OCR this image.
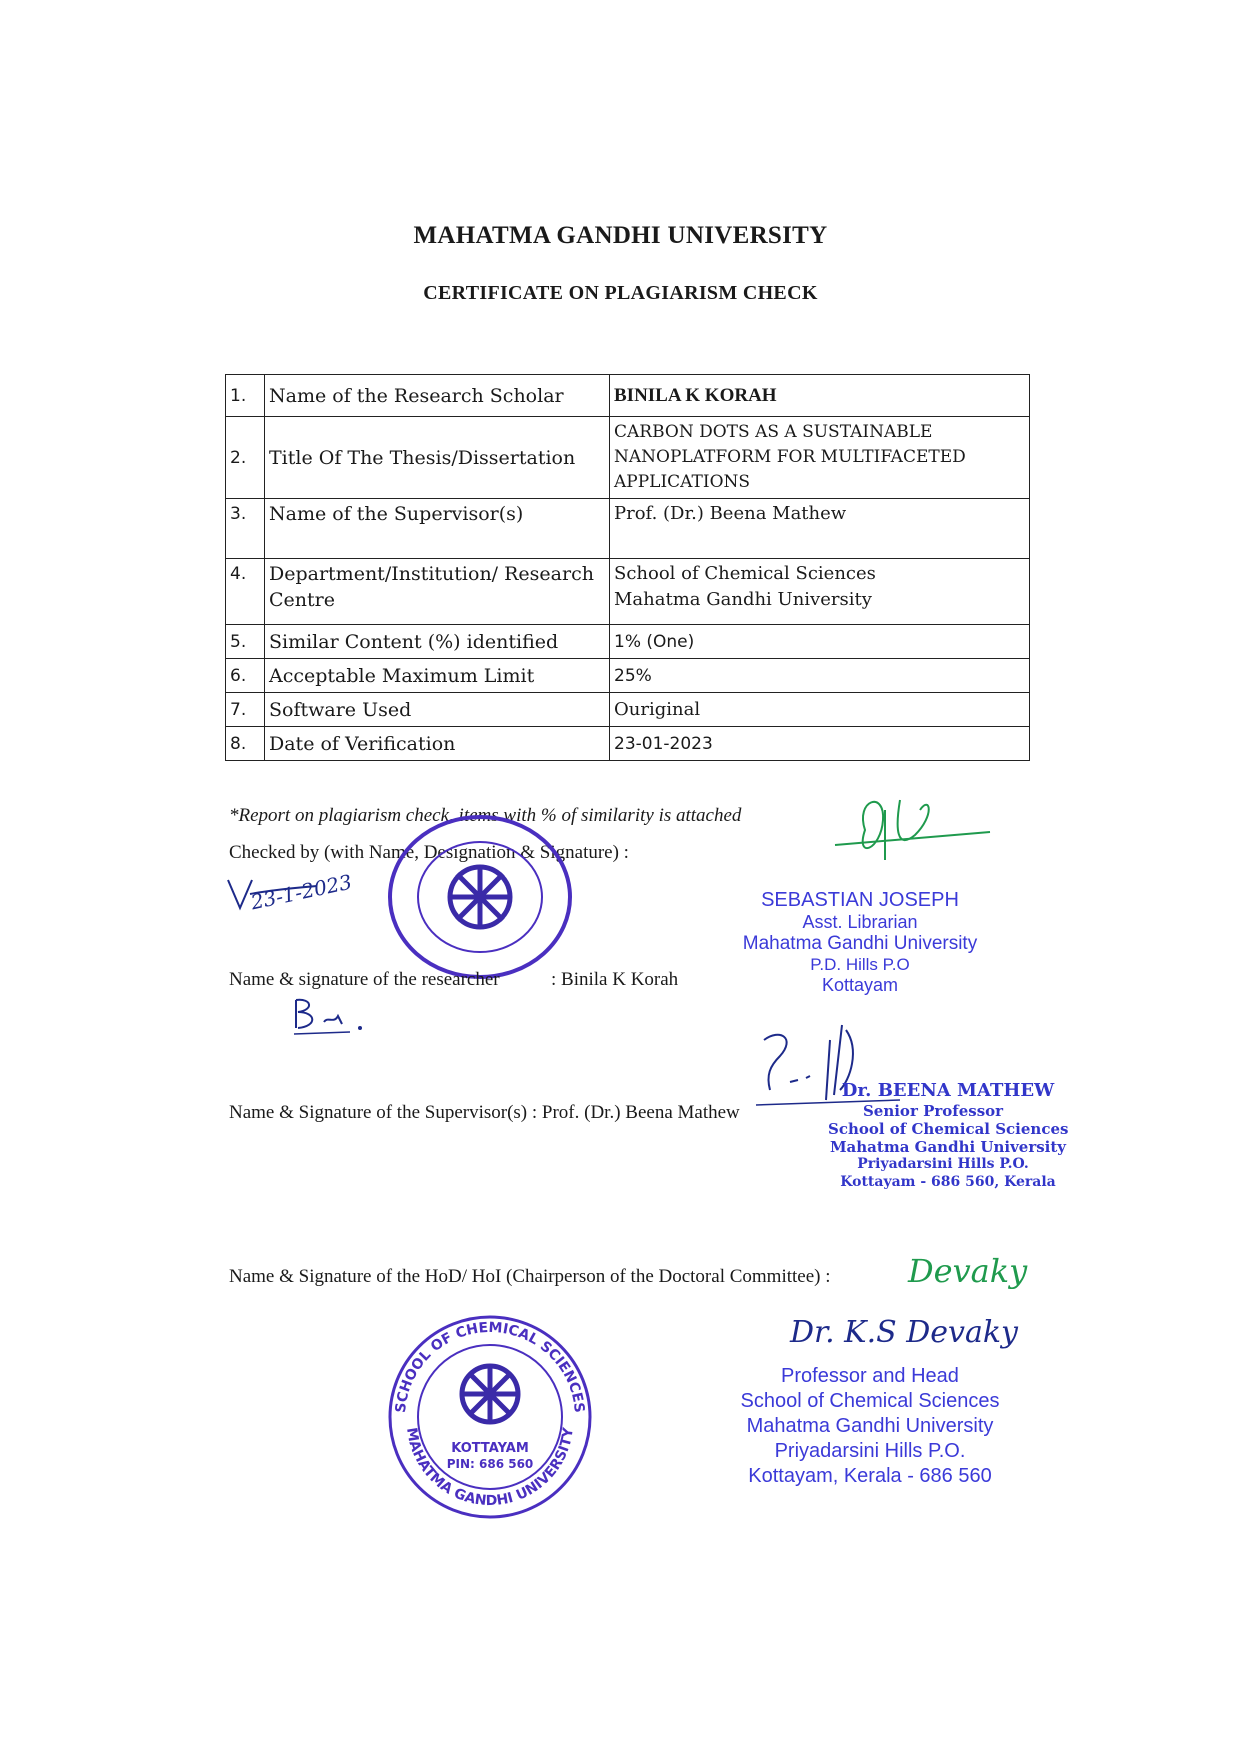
MAHATMA GANDHI UNIVERSITY
CERTIFICATE ON PLAGIARISM CHECK
1.	Name of the Research Scholar	BINILA K KORAH
2.	Title Of The Thesis/Dissertation	CARBON DOTS AS A SUSTAINABLE
NANOPLATFORM FOR MULTIFACETED
APPLICATIONS

3.	Name of the Supervisor(s)	Prof. (Dr.) Beena Mathew
4.	Department/Institution/ Research Centre	School of Chemical Sciences
Mahatma Gandhi University

5.	Similar Content (%) identified	1% (One)
6.	Acceptable Maximum Limit	25%
7.	Software Used	Ouriginal
8.	Date of Verification	23-01-2023
*Report on plagiarism check, items with % of similarity is attached
Checked by (with Name, Designation & Signature) :
23-1-2023
Name & signature of the researcher	: Binila K Korah
Name & Signature of the Supervisor(s) : Prof. (Dr.) Beena Mathew
SEBASTIAN JOSEPH
Asst. Librarian
Mahatma Gandhi University
P.D. Hills P.O
Kottayam
Dr. BEENA MATHEW
Senior Professor
School of Chemical Sciences
Mahatma Gandhi University
Priyadarsini Hills P.O.
Kottayam - 686 560, Kerala
Name & Signature of the HoD/ HoI (Chairperson of the Doctoral Committee) : Devaky
Dr. K.S Devaky
Professor and Head
School of Chemical Sciences
Mahatma Gandhi University
Priyadarsini Hills P.O.
Kottayam, Kerala - 686 560
SCHOOL OF CHEMICAL SCIENCES
MAHATMA GANDHI UNIVERSITY
KOTTAYAM
PIN: 686 560
